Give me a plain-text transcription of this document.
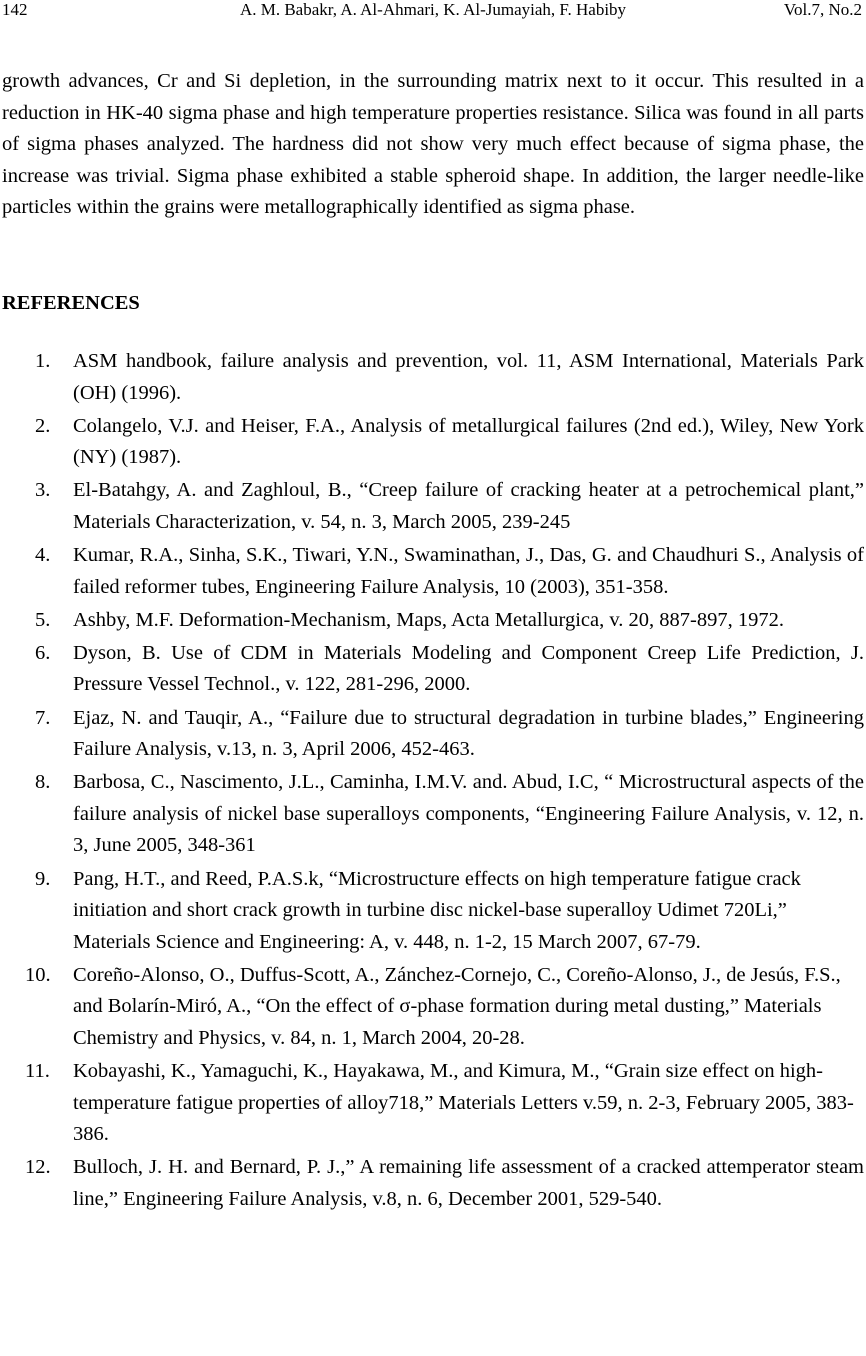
142	A. M. Babakr, A. Al-Ahmari, K. Al-Jumayiah, F. Habiby	Vol.7, No.2

growth advances, Cr and Si depletion, in the surrounding matrix next to it occur. This resulted in a reduction in HK-40 sigma phase and high temperature properties resistance. Silica was found in all parts of sigma phases analyzed. The hardness did not show very much effect because of sigma phase, the increase was trivial. Sigma phase exhibited a stable spheroid shape. In addition, the larger needle-like particles within the grains were metallographically identified as sigma phase.

REFERENCES
1. ASM handbook, failure analysis and prevention, vol. 11, ASM International, Materials Park (OH) (1996).
2. Colangelo, V.J. and Heiser, F.A., Analysis of metallurgical failures (2nd ed.), Wiley, New York (NY) (1987).
3. El-Batahgy, A. and Zaghloul, B., “Creep failure of cracking heater at a petrochemical plant,” Materials Characterization, v. 54, n. 3, March 2005, 239-245
4. Kumar, R.A., Sinha, S.K., Tiwari, Y.N., Swaminathan, J., Das, G. and Chaudhuri S., Analysis of failed reformer tubes, Engineering Failure Analysis, 10 (2003), 351-358.
5. Ashby, M.F. Deformation-Mechanism, Maps, Acta Metallurgica, v. 20, 887-897, 1972.
6. Dyson, B. Use of CDM in Materials Modeling and Component Creep Life Prediction, J. Pressure Vessel Technol., v. 122, 281-296, 2000.
7. Ejaz, N. and Tauqir, A., “Failure due to structural degradation in turbine blades,” Engineering Failure Analysis, v.13, n. 3, April 2006, 452-463.
8. Barbosa, C., Nascimento, J.L., Caminha, I.M.V. and. Abud, I.C, “ Microstructural aspects of the failure analysis of nickel base superalloys components, “Engineering Failure Analysis, v. 12, n. 3, June 2005, 348-361
9. Pang, H.T., and Reed, P.A.S.k, “Microstructure effects on high temperature fatigue crack initiation and short crack growth in turbine disc nickel-base superalloy Udimet 720Li,” Materials Science and Engineering: A, v. 448, n. 1-2, 15 March 2007, 67-79.
10. Coreño-Alonso, O., Duffus-Scott, A., Zánchez-Cornejo, C., Coreño-Alonso, J., de Jesús, F.S., and Bolarín-Miró, A., “On the effect of σ-phase formation during metal dusting,” Materials Chemistry and Physics, v. 84, n. 1, March 2004, 20-28.
11. Kobayashi, K., Yamaguchi, K., Hayakawa, M., and Kimura, M., “Grain size effect on high-temperature fatigue properties of alloy718,” Materials Letters v.59, n. 2-3, February 2005, 383-386.
12. Bulloch, J. H. and Bernard, P. J.,” A remaining life assessment of a cracked attemperator steam line,” Engineering Failure Analysis, v.8, n. 6, December 2001, 529-540.
